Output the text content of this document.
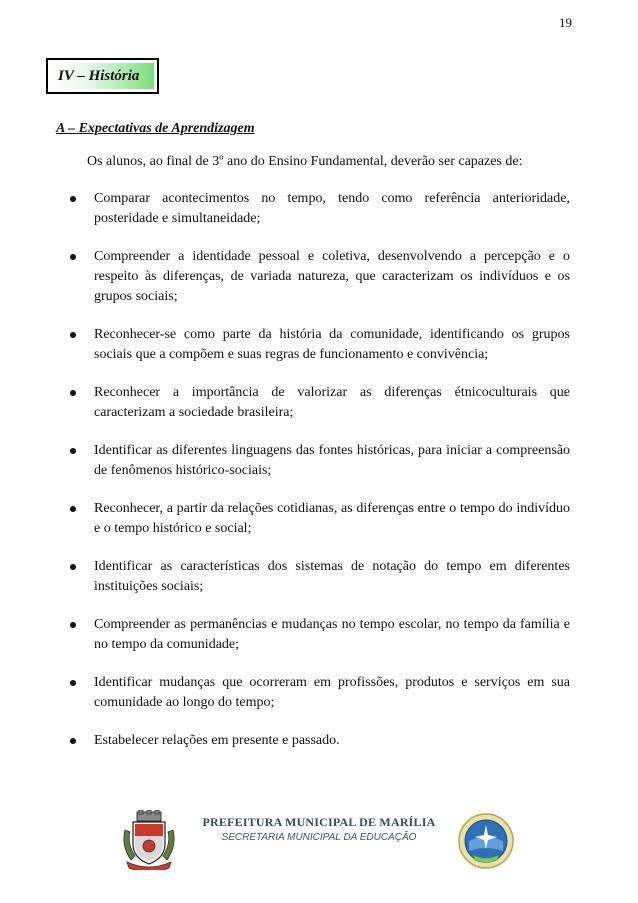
19
IV – História
A – Expectativas de Aprendizagem
Os alunos, ao final de 3º ano do Ensino Fundamental, deverão ser capazes de:
Comparar acontecimentos no tempo, tendo como referência anterioridade, posteridade e simultaneidade;
Compreender a identidade pessoal e coletiva, desenvolvendo a percepção e o respeito às diferenças, de variada natureza, que caracterizam os indivíduos e os grupos sociais;
Reconhecer-se como parte da história da comunidade, identificando os grupos sociais que a compõem e suas regras de funcionamento e convivência;
Reconhecer a importância de valorizar as diferenças étnicoculturais que caracterizam a sociedade brasileira;
Identificar as diferentes linguagens das fontes históricas, para iniciar a compreensão de fenômenos histórico-sociais;
Reconhecer, a partir da relações cotidianas, as diferenças entre o tempo do indivíduo e o tempo histórico e social;
Identificar as características dos sistemas de notação do tempo em diferentes instituições sociais;
Compreender as permanências e mudanças no tempo escolar, no tempo da família e no tempo da comunidade;
Identificar mudanças que ocorreram em profissões, produtos e serviços em sua comunidade ao longo do tempo;
Estabelecer relações em presente e passado.
PREFEITURA MUNICIPAL DE MARÍLIA
SECRETARIA MUNICIPAL DA EDUCAÇÃO
